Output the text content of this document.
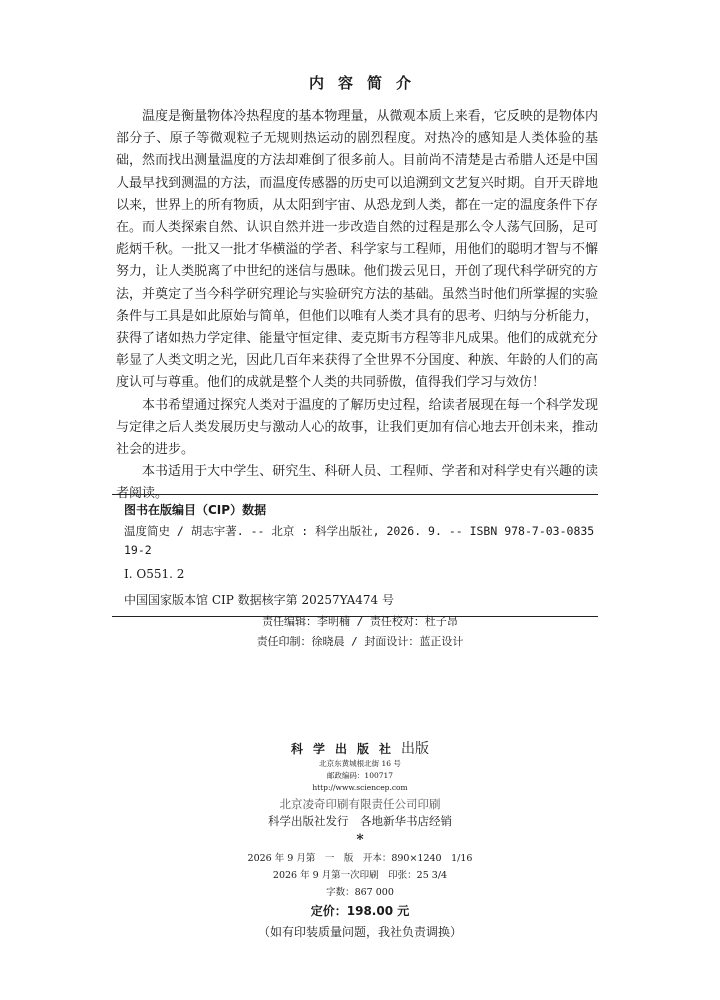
内容简介

温度是衡量物体冷热程度的基本物理量，从微观本质上来看，它反映的是物体内部分子、原子等微观粒子无规则热运动的剧烈程度。对热冷的感知是人类体验的基础，然而找出测量温度的方法却难倒了很多前人。目前尚不清楚是古希腊人还是中国人最早找到测温的方法，而温度传感器的历史可以追溯到文艺复兴时期。自开天辟地以来，世界上的所有物质，从太阳到宇宙、从恐龙到人类，都在一定的温度条件下存在。而人类探索自然、认识自然并进一步改造自然的过程是那么令人荡气回肠，足可彪炳千秋。一批又一批才华横溢的学者、科学家与工程师，用他们的聪明才智与不懈努力，让人类脱离了中世纪的迷信与愚昧。他们拨云见日，开创了现代科学研究的方法，并奠定了当今科学研究理论与实验研究方法的基础。虽然当时他们所掌握的实验条件与工具是如此原始与简单，但他们以唯有人类才具有的思考、归纳与分析能力，获得了诸如热力学定律、能量守恒定律、麦克斯韦方程等非凡成果。他们的成就充分彰显了人类文明之光，因此几百年来获得了全世界不分国度、种族、年龄的人们的高度认可与尊重。他们的成就是整个人类的共同骄傲，值得我们学习与效仿！

本书希望通过探究人类对于温度的了解历史过程，给读者展现在每一个科学发现与定律之后人类发展历史与激动人心的故事，让我们更加有信心地去开创未来，推动社会的进步。

本书适用于大中学生、研究生、科研人员、工程师、学者和对科学史有兴趣的读者阅读。

图书在版编目（CIP）数据
温度简史 / 胡志宇著. -- 北京 : 科学出版社, 2026. 9. -- ISBN 978-7-03-083519-2
Ⅰ. O551. 2
中国国家版本馆 CIP 数据核字第 20257YA474 号
责任编辑：李明楠 / 责任校对：杜子昂
责任印制：徐晓晨 / 封面设计：蓝正设计
科学出版社出版
北京东黄城根北街 16 号
邮政编码：100717
http://www.sciencep.com
北京凌奇印刷有限责任公司印刷
科学出版社发行　各地新华书店经销
*
2026 年 9 月第　一　版　开本：890×1240　1/16
2026 年 9 月第一次印刷　印张：25 3/4
字数：867 000
定价：198.00 元
（如有印装质量问题，我社负责调换）
